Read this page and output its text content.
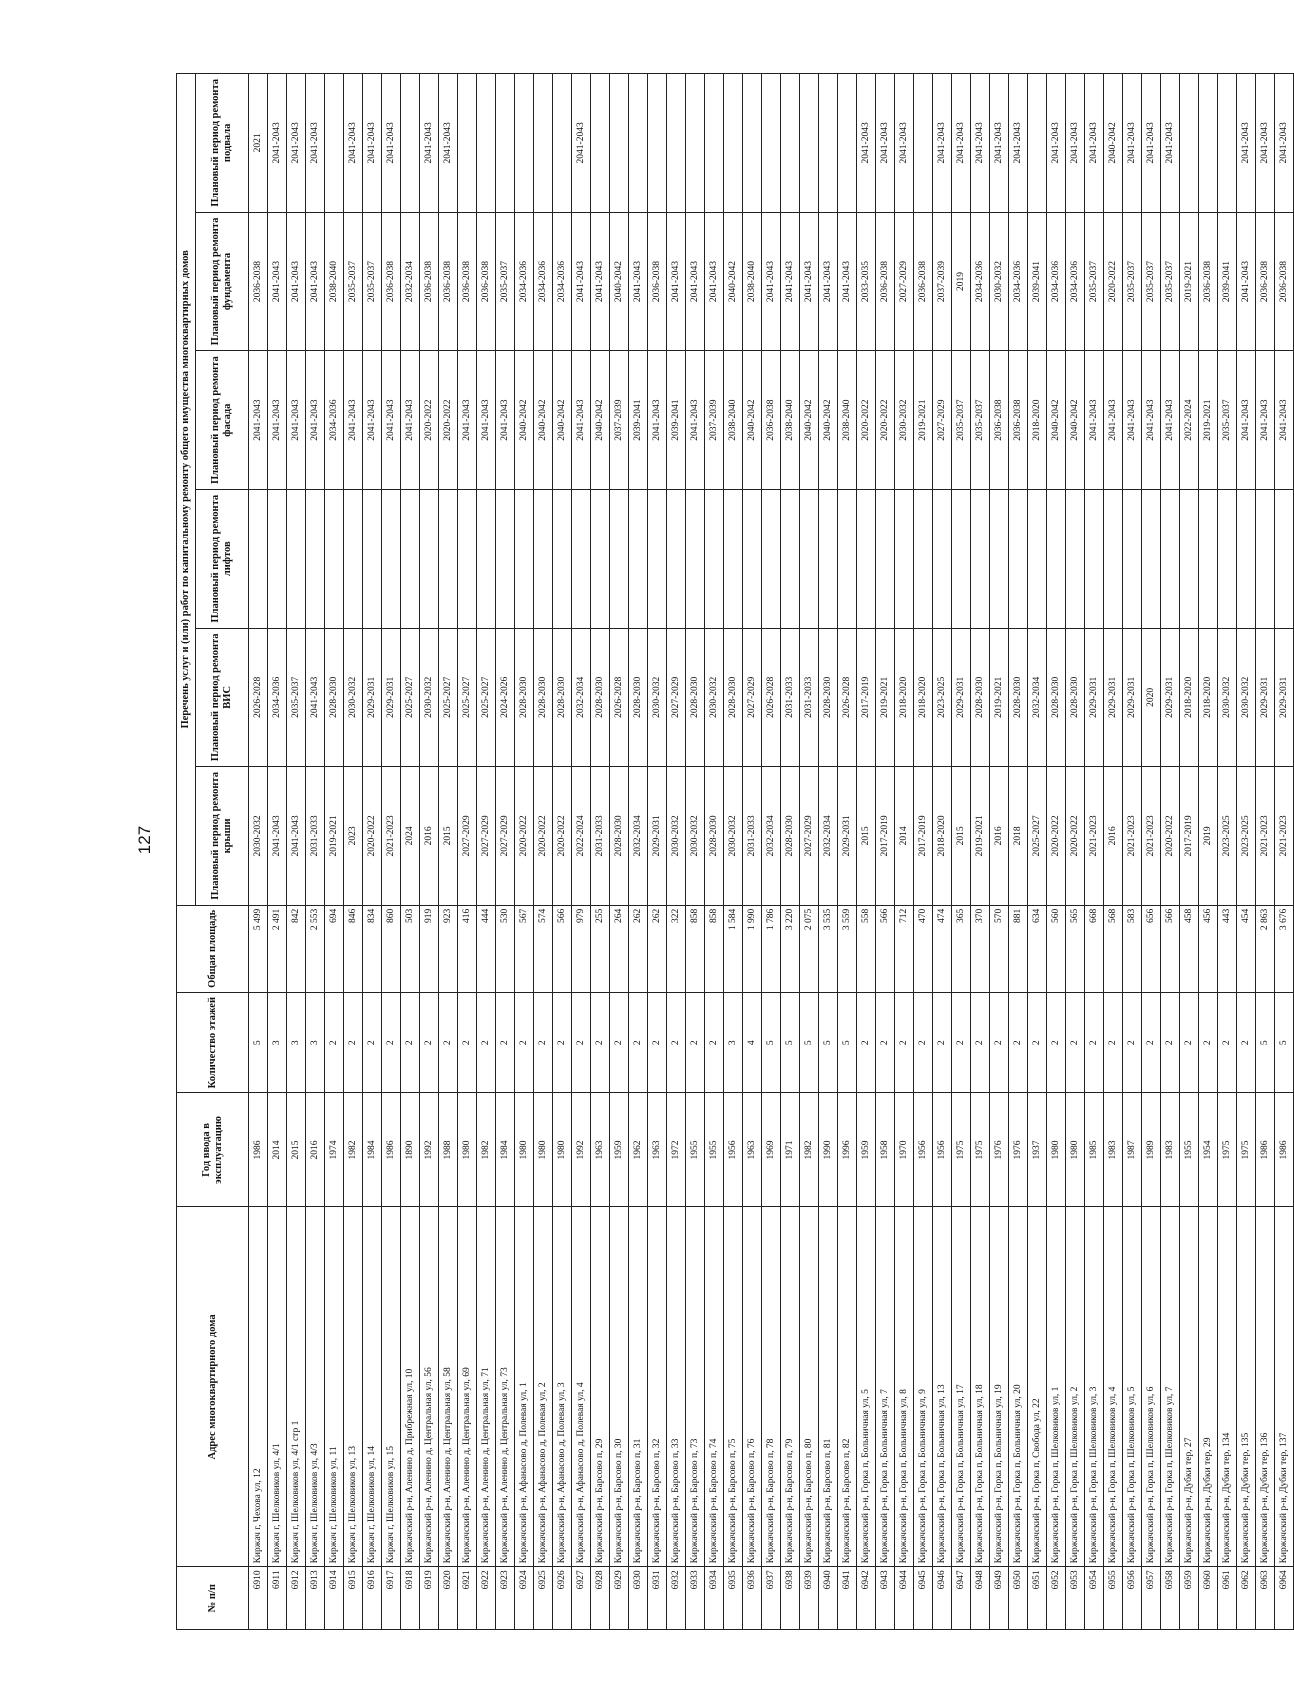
127
№ п/п	Адрес многоквартирного дома	Год ввода в эксплуатацию	Количество этажей	Общая площадь	Перечень услуг и (или) работ по капитальному ремонту общего имущества многоквартирных домов					
					Плановый период ремонта крыши	Плановый период ремонта ВИС	Плановый период ремонта лифтов	Плановый период ремонта фасада	Плановый период ремонта фундамента	Плановый период ремонта подвала
6910	Киржач г, Чехова ул, 12	1986	5	5 499	2030-2032	2026-2028		2041-2043	2036-2038	2021
6911	Киржач г, Шелковиков ул, 4/1	2014	3	2 491	2041-2043	2034-2036		2041-2043	2041-2043	2041-2043
6912	Киржач г, Шелковиков ул, 4/1 стр 1	2015	3	842	2041-2043	2035-2037		2041-2043	2041-2043	2041-2043
6913	Киржач г, Шелковиков ул, 4/3	2016	3	2 553	2031-2033	2041-2043		2041-2043	2041-2043	2041-2043
6914	Киржач г, Шелковиков ул, 11	1974	2	694	2019-2021	2028-2030		2034-2036	2038-2040	
6915	Киржач г, Шелковиков ул, 13	1982	2	846	2023	2030-2032		2041-2043	2035-2037	2041-2043
6916	Киржач г, Шелковиков ул, 14	1984	2	834	2020-2022	2029-2031		2041-2043	2035-2037	2041-2043
6917	Киржач г, Шелковиков ул, 15	1986	2	860	2021-2023	2029-2031		2041-2043	2036-2038	2041-2043
6918	Киржачский р-н, Аленино д, Прибрежная ул, 10	1890	2	503	2024	2025-2027		2041-2043	2032-2034	
6919	Киржачский р-н, Аленино д, Центральная ул, 56	1992	2	919	2016	2030-2032		2020-2022	2036-2038	2041-2043
6920	Киржачский р-н, Аленино д, Центральная ул, 58	1988	2	923	2015	2025-2027		2020-2022	2036-2038	2041-2043
6921	Киржачский р-н, Аленино д, Центральная ул, 69	1980	2	416	2027-2029	2025-2027		2041-2043	2036-2038	
6922	Киржачский р-н, Аленино д, Центральная ул, 71	1982	2	444	2027-2029	2025-2027		2041-2043	2036-2038	
6923	Киржачский р-н, Аленино д, Центральная ул, 73	1984	2	530	2027-2029	2024-2026		2041-2043	2035-2037	
6924	Киржачский р-н, Афанасово д, Полевая ул, 1	1980	2	567	2020-2022	2028-2030		2040-2042	2034-2036	
6925	Киржачский р-н, Афанасово д, Полевая ул, 2	1980	2	574	2020-2022	2028-2030		2040-2042	2034-2036	
6926	Киржачский р-н, Афанасово д, Полевая ул, 3	1980	2	566	2020-2022	2028-2030		2040-2042	2034-2036	
6927	Киржачский р-н, Афанасово д, Полевая ул, 4	1992	2	979	2022-2024	2032-2034		2041-2043	2041-2043	2041-2043
6928	Киржачский р-н, Барсово п, 29	1963	2	255	2031-2033	2028-2030		2040-2042	2041-2043	
6929	Киржачский р-н, Барсово п, 30	1959	2	264	2028-2030	2026-2028		2037-2039	2040-2042	
6930	Киржачский р-н, Барсово п, 31	1962	2	262	2032-2034	2028-2030		2039-2041	2041-2043	
6931	Киржачский р-н, Барсово п, 32	1963	2	262	2029-2031	2030-2032		2041-2043	2036-2038	
6932	Киржачский р-н, Барсово п, 33	1972	2	322	2030-2032	2027-2029		2039-2041	2041-2043	
6933	Киржачский р-н, Барсово п, 73	1955	2	858	2030-2032	2028-2030		2041-2043	2041-2043	
6934	Киржачский р-н, Барсово п, 74	1955	2	858	2028-2030	2030-2032		2037-2039	2041-2043	
6935	Киржачский р-н, Барсово п, 75	1956	3	1 584	2030-2032	2028-2030		2038-2040	2040-2042	
6936	Киржачский р-н, Барсово п, 76	1963	4	1 990	2031-2033	2027-2029		2040-2042	2038-2040	
6937	Киржачский р-н, Барсово п, 78	1969	5	1 786	2032-2034	2026-2028		2036-2038	2041-2043	
6938	Киржачский р-н, Барсово п, 79	1971	5	3 220	2028-2030	2031-2033		2038-2040	2041-2043	
6939	Киржачский р-н, Барсово п, 80	1982	5	2 075	2027-2029	2031-2033		2040-2042	2041-2043	
6940	Киржачский р-н, Барсово п, 81	1990	5	3 535	2032-2034	2028-2030		2040-2042	2041-2043	
6941	Киржачский р-н, Барсово п, 82	1996	5	3 559	2029-2031	2026-2028		2038-2040	2041-2043	
6942	Киржачский р-н, Горка п, Больничная ул, 5	1959	2	558	2015	2017-2019		2020-2022	2033-2035	2041-2043
6943	Киржачский р-н, Горка п, Больничная ул, 7	1958	2	566	2017-2019	2019-2021		2020-2022	2036-2038	2041-2043
6944	Киржачский р-н, Горка п, Больничная ул, 8	1970	2	712	2014	2018-2020		2030-2032	2027-2029	2041-2043
6945	Киржачский р-н, Горка п, Больничная ул, 9	1956	2	470	2017-2019	2018-2020		2019-2021	2036-2038	
6946	Киржачский р-н, Горка п, Больничная ул, 13	1956	2	474	2018-2020	2023-2025		2027-2029	2037-2039	2041-2043
6947	Киржачский р-н, Горка п, Больничная ул, 17	1975	2	365	2015	2029-2031		2035-2037	2019	2041-2043
6948	Киржачский р-н, Горка п, Больничная ул, 18	1975	2	370	2019-2021	2028-2030		2035-2037	2034-2036	2041-2043
6949	Киржачский р-н, Горка п, Больничная ул, 19	1976	2	570	2016	2019-2021		2036-2038	2030-2032	2041-2043
6950	Киржачский р-н, Горка п, Больничная ул, 20	1976	2	881	2018	2028-2030		2036-2038	2034-2036	2041-2043
6951	Киржачский р-н, Горка п, Свобода ул, 22	1937	2	634	2025-2027	2032-2034		2018-2020	2039-2041	
6952	Киржачский р-н, Горка п, Шелковиков ул, 1	1980	2	560	2020-2022	2028-2030		2040-2042	2034-2036	2041-2043
6953	Киржачский р-н, Горка п, Шелковиков ул, 2	1980	2	565	2020-2022	2028-2030		2040-2042	2034-2036	2041-2043
6954	Киржачский р-н, Горка п, Шелковиков ул, 3	1985	2	668	2021-2023	2029-2031		2041-2043	2035-2037	2041-2043
6955	Киржачский р-н, Горка п, Шелковиков ул, 4	1983	2	568	2016	2029-2031		2041-2043	2020-2022	2040-2042
6956	Киржачский р-н, Горка п, Шелковиков ул, 5	1987	2	583	2021-2023	2029-2031		2041-2043	2035-2037	2041-2043
6957	Киржачский р-н, Горка п, Шелковиков ул, 6	1989	2	656	2021-2023	2020		2041-2043	2035-2037	2041-2043
6958	Киржачский р-н, Горка п, Шелковиков ул, 7	1983	2	566	2020-2022	2029-2031		2041-2043	2035-2037	2041-2043
6959	Киржачский р-н, Дубки тер, 27	1955	2	458	2017-2019	2018-2020		2022-2024	2019-2021	
6960	Киржачский р-н, Дубки тер, 29	1954	2	456	2019	2018-2020		2019-2021	2036-2038	
6961	Киржачский р-н, Дубки тер, 134	1975	2	443	2023-2025	2030-2032		2035-2037	2039-2041	
6962	Киржачский р-н, Дубки тер, 135	1975	2	454	2023-2025	2030-2032		2041-2043	2041-2043	2041-2043
6963	Киржачский р-н, Дубки тер, 136	1986	5	2 863	2021-2023	2029-2031		2041-2043	2036-2038	2041-2043
6964	Киржачский р-н, Дубки тер, 137	1986	5	3 676	2021-2023	2029-2031		2041-2043	2036-2038	2041-2043
